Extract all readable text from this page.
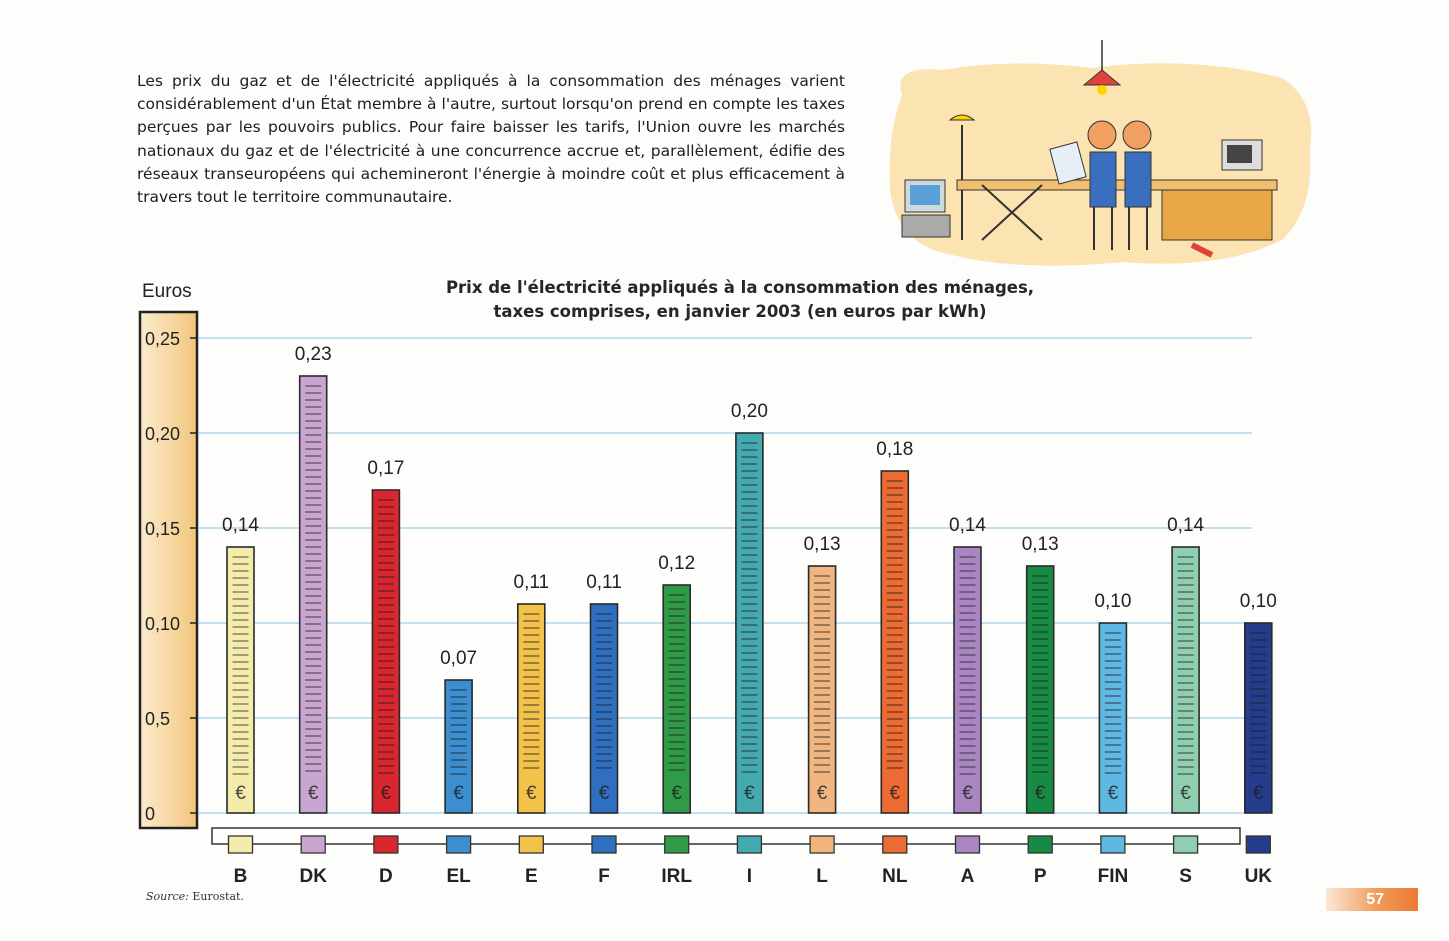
Les prix du gaz et de l'électricité appliqués à la consommation des ménages varient considérablement d'un État membre à l'autre, surtout lorsqu'on prend en compte les taxes perçues par les pouvoirs publics. Pour faire baisser les tarifs, l'Union ouvre les marchés nationaux du gaz et de l'électricité à une concurrence accrue et, parallèlement, édifie des réseaux transeuropéens qui achemineront l'énergie à moindre coût et plus efficacement à travers tout le territoire communautaire.
Prix de l'électricité appliqués à la consommation des ménages,
taxes comprises, en janvier 2003 (en euros par kWh)
Euros
0
0,5
0,10
0,15
0,20
0,25
€
0,14
€
0,23
€
0,17
€
0,07
€
0,11
€
0,11
€
0,12
€
0,20
€
0,13
€
0,18
€
0,14
€
0,13
€
0,10
€
0,14
€
0,10
B	DK	D	EL	E	F	IRL	I	L	NL	A	P	FIN	S	UK
Source: Eurostat.	57
